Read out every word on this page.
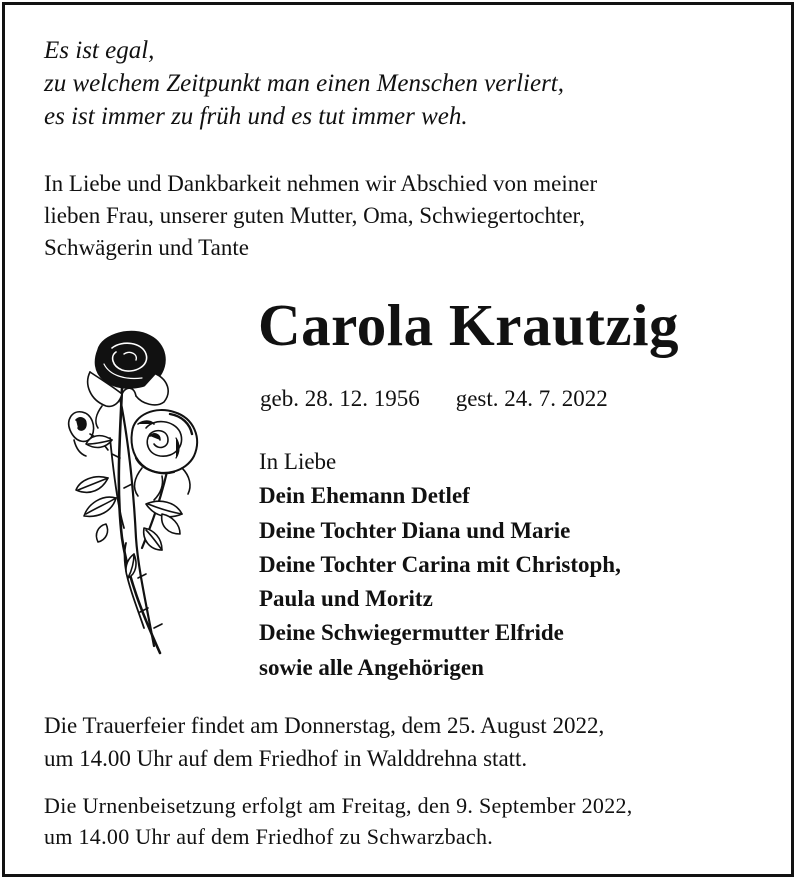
Es ist egal,
zu welchem Zeitpunkt man einen Menschen verliert,
es ist immer zu früh und es tut immer weh.
In Liebe und Dankbarkeit nehmen wir Abschied von meiner
lieben Frau, unserer guten Mutter, Oma, Schwiegertochter,
Schwägerin und Tante
Carola Krautzig
geb. 28. 12. 1956 gest. 24. 7. 2022
In Liebe
Dein Ehemann Detlef
Deine Tochter Diana und Marie
Deine Tochter Carina mit Christoph,
Paula und Moritz
Deine Schwiegermutter Elfride
sowie alle Angehörigen
Die Trauerfeier findet am Donnerstag, dem 25. August 2022,
um 14.00 Uhr auf dem Friedhof in Walddrehna statt.
Die Urnenbeisetzung erfolgt am Freitag, den 9. September 2022,
um 14.00 Uhr auf dem Friedhof zu Schwarzbach.
